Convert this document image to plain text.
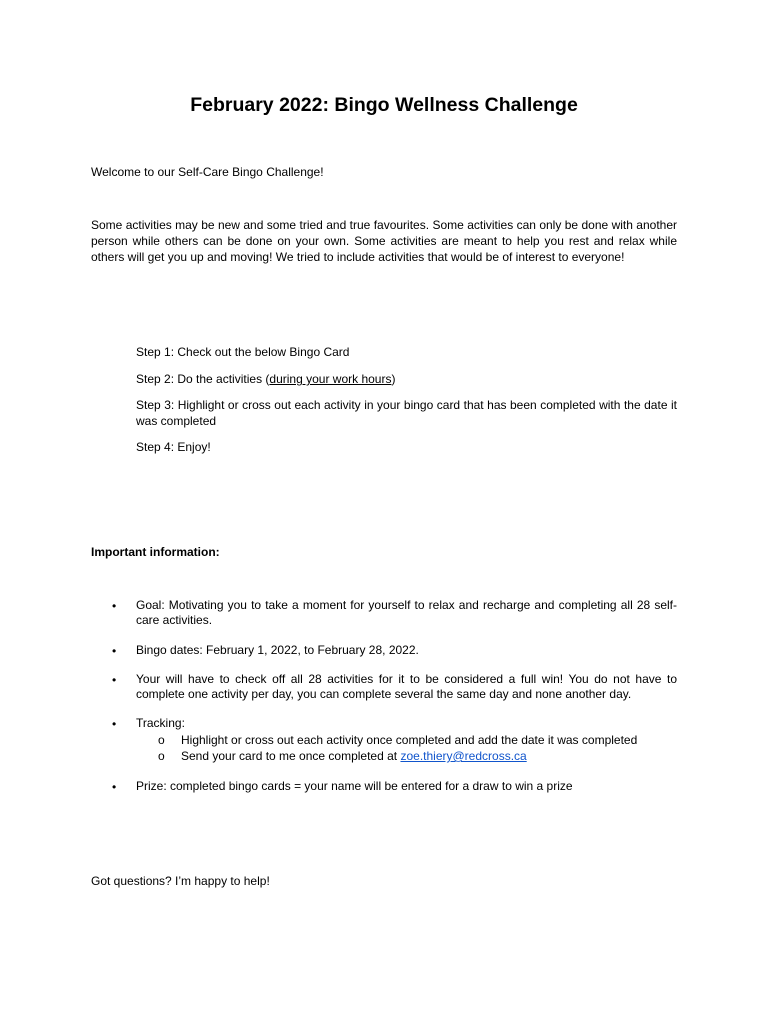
February 2022: Bingo Wellness Challenge

Welcome to our Self-Care Bingo Challenge!

Some activities may be new and some tried and true favourites. Some activities can only be done with another person while others can be done on your own. Some activities are meant to help you rest and relax while others will get you up and moving! We tried to include activities that would be of interest to everyone!

Step 1: Check out the below Bingo Card

Step 2: Do the activities (during your work hours)

Step 3: Highlight or cross out each activity in your bingo card that has been completed with the date it was completed

Step 4: Enjoy!

Important information:

• Goal: Motivating you to take a moment for yourself to relax and recharge and completing all 28 self-care activities.
• Bingo dates: February 1, 2022, to February 28, 2022.
• Your will have to check off all 28 activities for it to be considered a full win! You do not have to complete one activity per day, you can complete several the same day and none another day.
• Tracking:
o Highlight or cross out each activity once completed and add the date it was completed
o Send your card to me once completed at zoe.thiery@redcross.ca
• Prize: completed bingo cards = your name will be entered for a draw to win a prize

Got questions? I’m happy to help!
